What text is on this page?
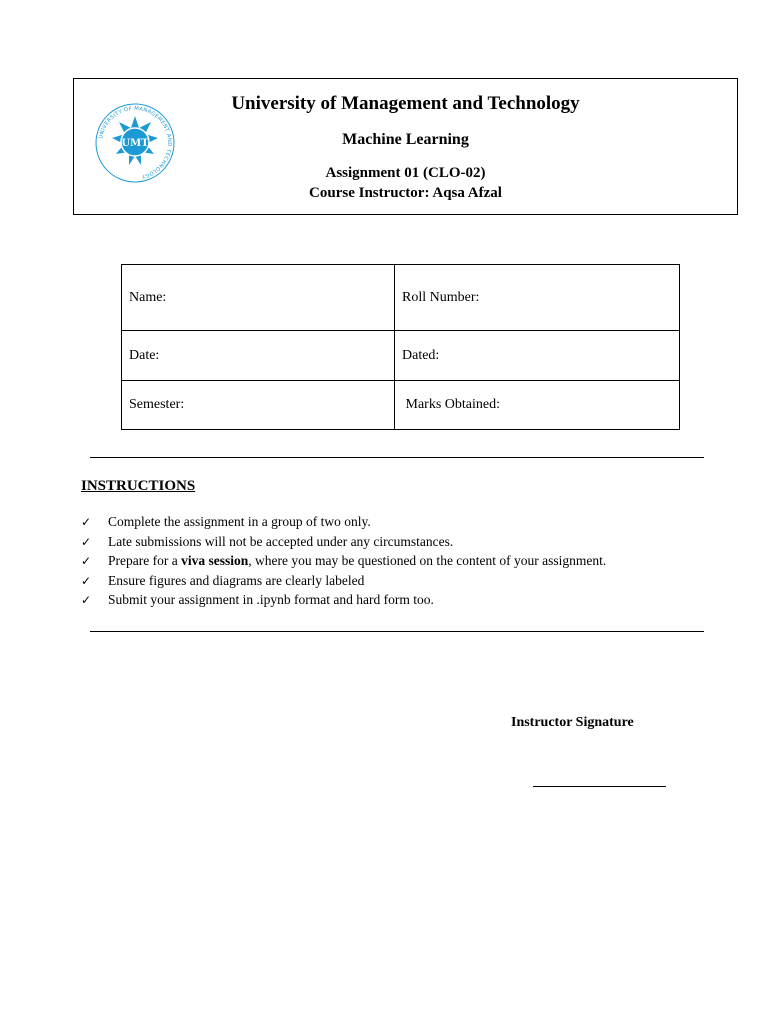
UNIVERSITY OF MANAGEMENT AND TECHNOLOGY
UMT
University of Management and Technology
Machine Learning
Assignment 01 (CLO-02)
Course Instructor: Aqsa Afzal
Name:	Roll Number:
Date:	Dated:
Semester:	Marks Obtained:
INSTRUCTIONS
✓ Complete the assignment in a group of two only.
✓ Late submissions will not be accepted under any circumstances.
✓ Prepare for a viva session, where you may be questioned on the content of your assignment.
✓ Ensure figures and diagrams are clearly labeled
✓ Submit your assignment in .ipynb format and hard form too.
Instructor Signature
